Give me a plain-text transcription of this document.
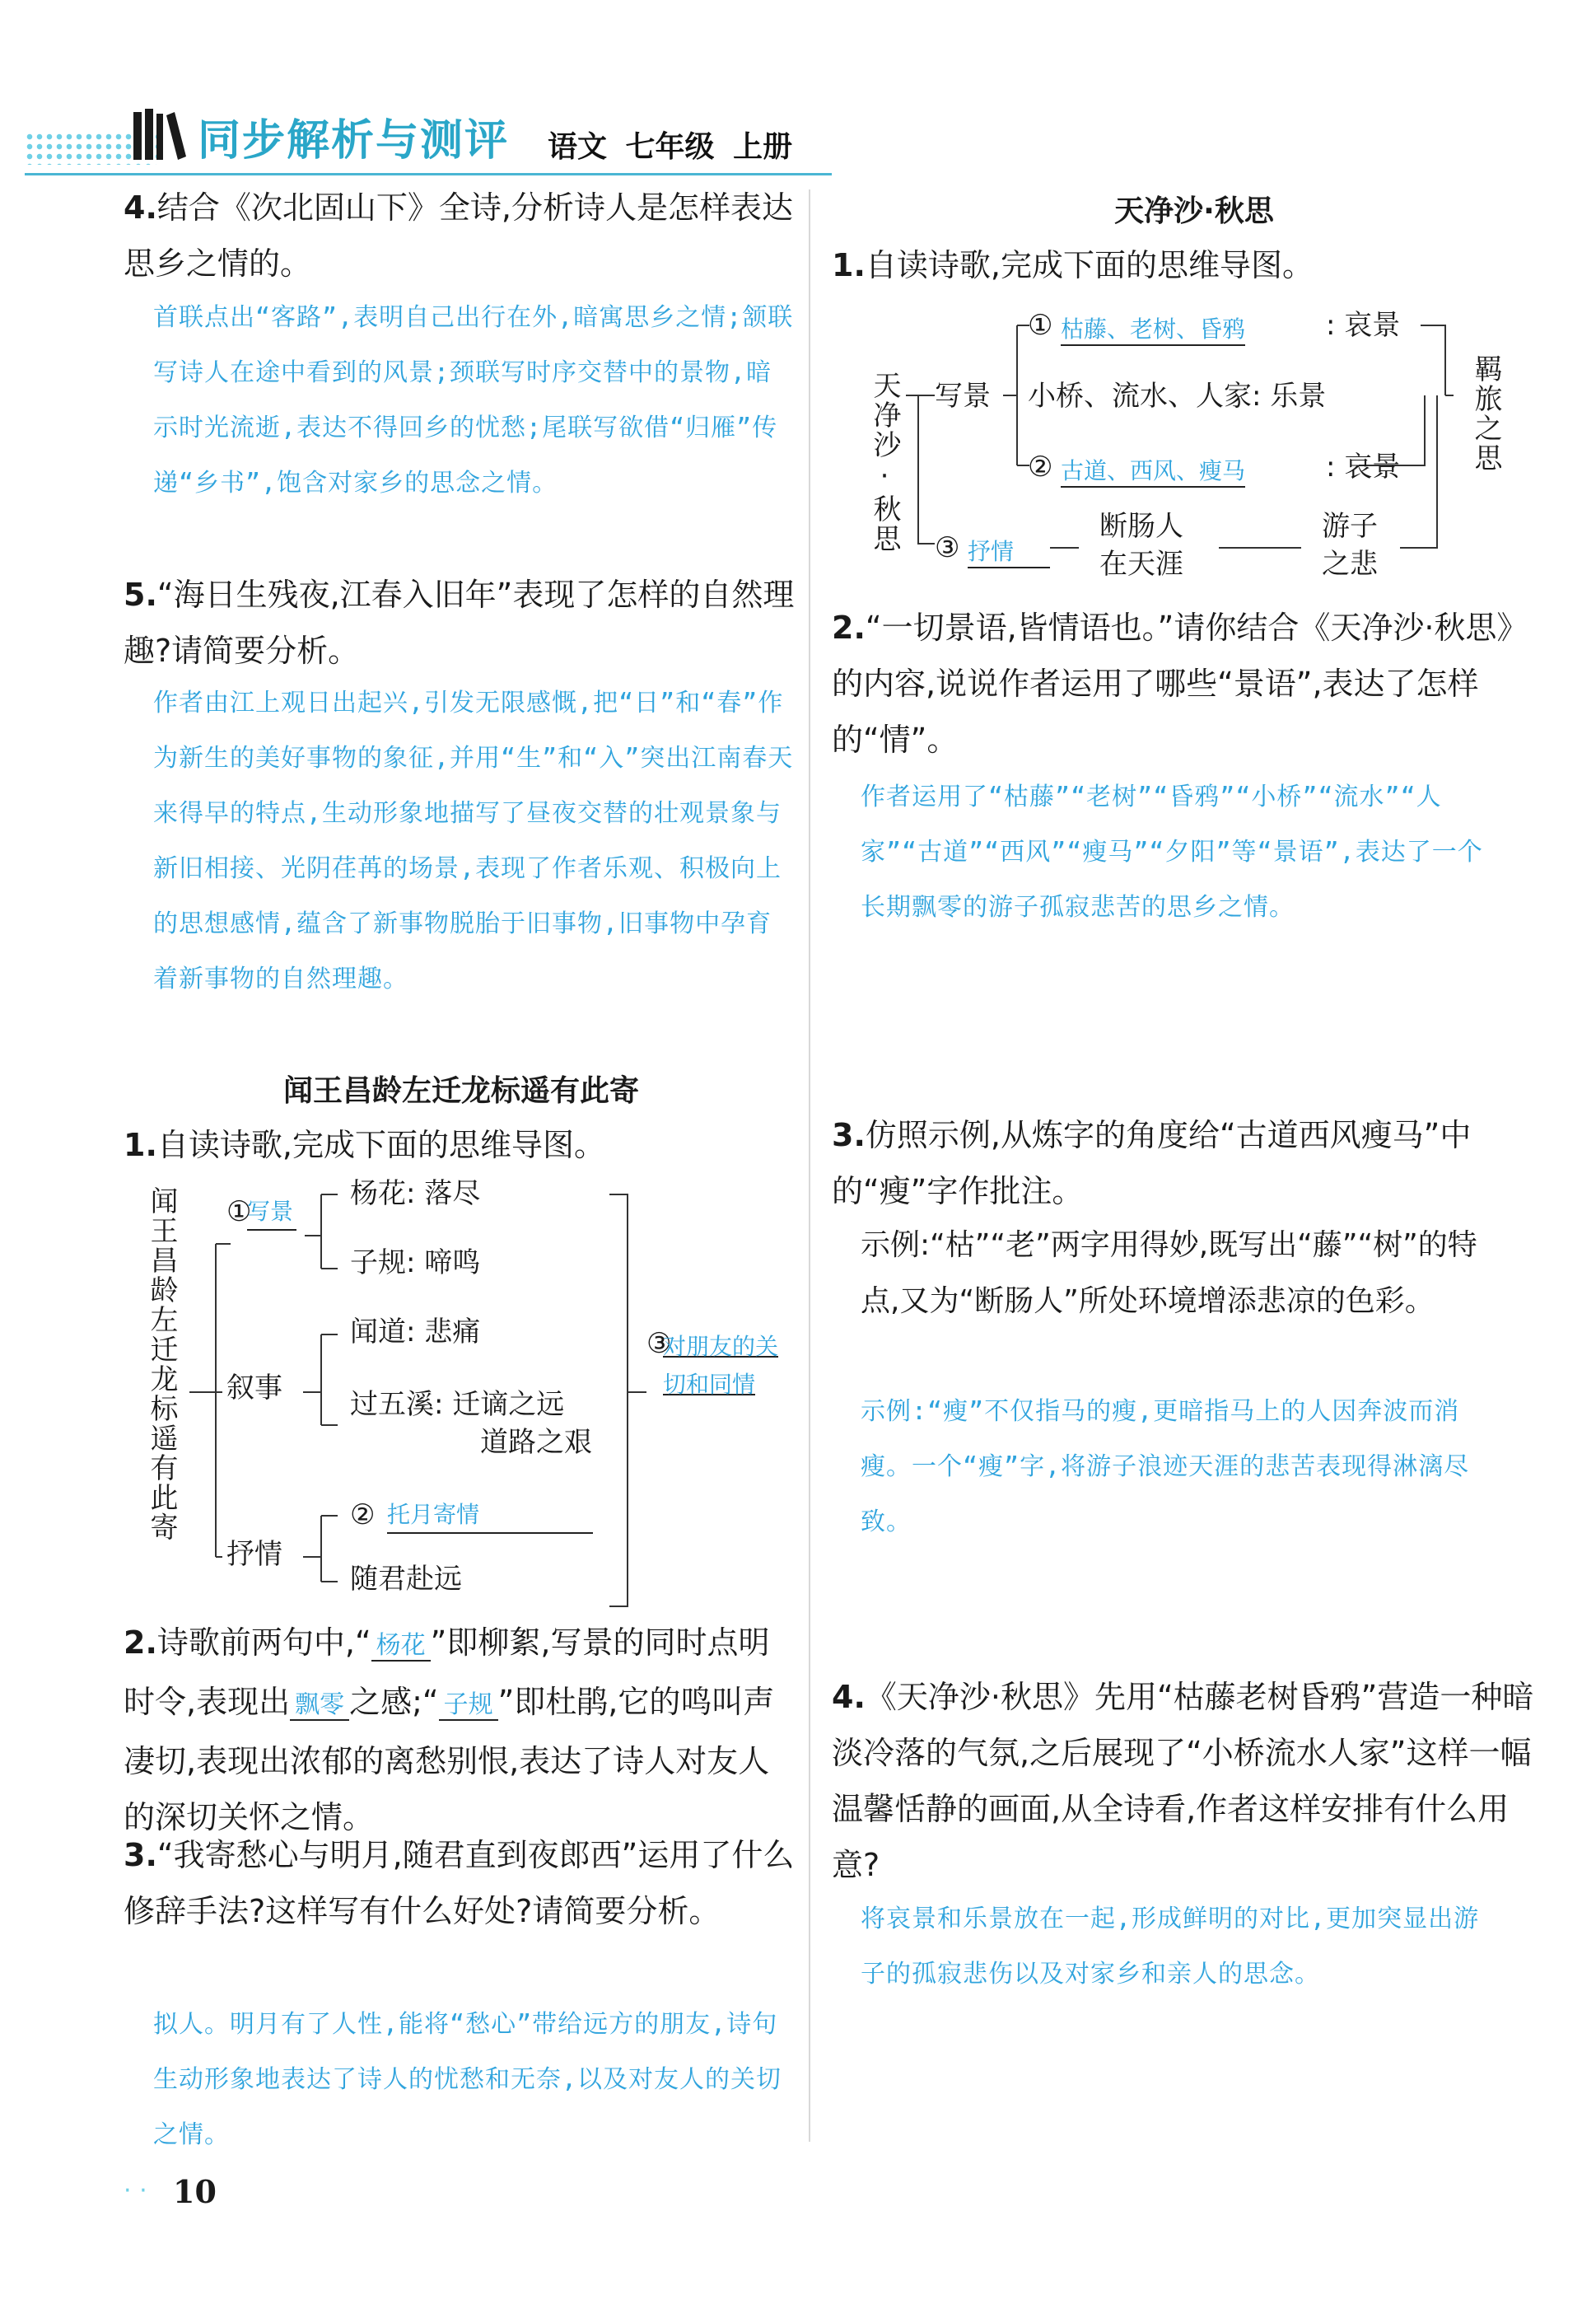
同步解析与测评 语文 七年级 上册
4.结合《次北固山下》全诗,分析诗人是怎样表达思乡之情的。
首联点出“客路”,表明自己出行在外,暗寓思乡之情;颔联写诗人在途中看到的风景;颈联写时序交替中的景物,暗示时光流逝,表达不得回乡的忧愁;尾联写欲借“归雁”传递“乡书”,饱含对家乡的思念之情。
5.“海日生残夜,江春入旧年”表现了怎样的自然理趣?请简要分析。
作者由江上观日出起兴,引发无限感慨,把“日”和“春”作为新生的美好事物的象征,并用“生”和“入”突出江南春天来得早的特点,生动形象地描写了昼夜交替的壮观景象与新旧相接、光阴荏苒的场景,表现了作者乐观、积极向上的思想感情,蕴含了新事物脱胎于旧事物,旧事物中孕育着新事物的自然理趣。
闻王昌龄左迁龙标遥有此寄
1.自读诗歌,完成下面的思维导图。
闻王昌龄左迁龙标遥有此寄 ①
写景
杨花: 落尽
子规: 啼鸣
叙事
闻道: 悲痛
过五溪: 迁谪之远
道路之艰
抒情
② 托月寄情
随君赴远
③
对朋友的关切和同情
2.诗歌前两句中,“ 杨花 ”即柳絮,写景的同时点明时令,表现出 飘零 之感;“ 子规 ”即杜鹃,它的鸣叫声凄切,表现出浓郁的离愁别恨,表达了诗人对友人的深切关怀之情。
3.“我寄愁心与明月,随君直到夜郎西”运用了什么修辞手法?这样写有什么好处?请简要分析。
拟人。明月有了人性,能将“愁心”带给远方的朋友,诗句生动形象地表达了诗人的忧愁和无奈,以及对友人的关切之情。
天净沙·秋思
1.自读诗歌,完成下面的思维导图。
天净沙·秋思 写景
① 枯藤、老树、昏鸦	: 哀景
小桥、流水、人家: 乐景
② 古道、西风、瘦马	: 哀景
③ 抒情
断肠人
在天涯
游子
之悲
羁旅之思
2.“一切景语,皆情语也。”请你结合《天净沙·秋思》的内容,说说作者运用了哪些“景语”,表达了怎样的“情”。
作者运用了“枯藤”“老树”“昏鸦”“小桥”“流水”“人家”“古道”“西风”“瘦马”“夕阳”等“景语”,表达了一个长期飘零的游子孤寂悲苦的思乡之情。
3.仿照示例,从炼字的角度给“古道西风瘦马”中的“瘦”字作批注。
示例:“枯”“老”两字用得妙,既写出“藤”“树”的特点,又为“断肠人”所处环境增添悲凉的色彩。
示例:“瘦”不仅指马的瘦,更暗指马上的人因奔波而消瘦。一个“瘦”字,将游子浪迹天涯的悲苦表现得淋漓尽致。
4.《天净沙·秋思》先用“枯藤老树昏鸦”营造一种暗淡冷落的气氛,之后展现了“小桥流水人家”这样一幅温馨恬静的画面,从全诗看,作者这样安排有什么用意?
将哀景和乐景放在一起,形成鲜明的对比,更加突显出游子的孤寂悲伤以及对家乡和亲人的思念。
· · 10
